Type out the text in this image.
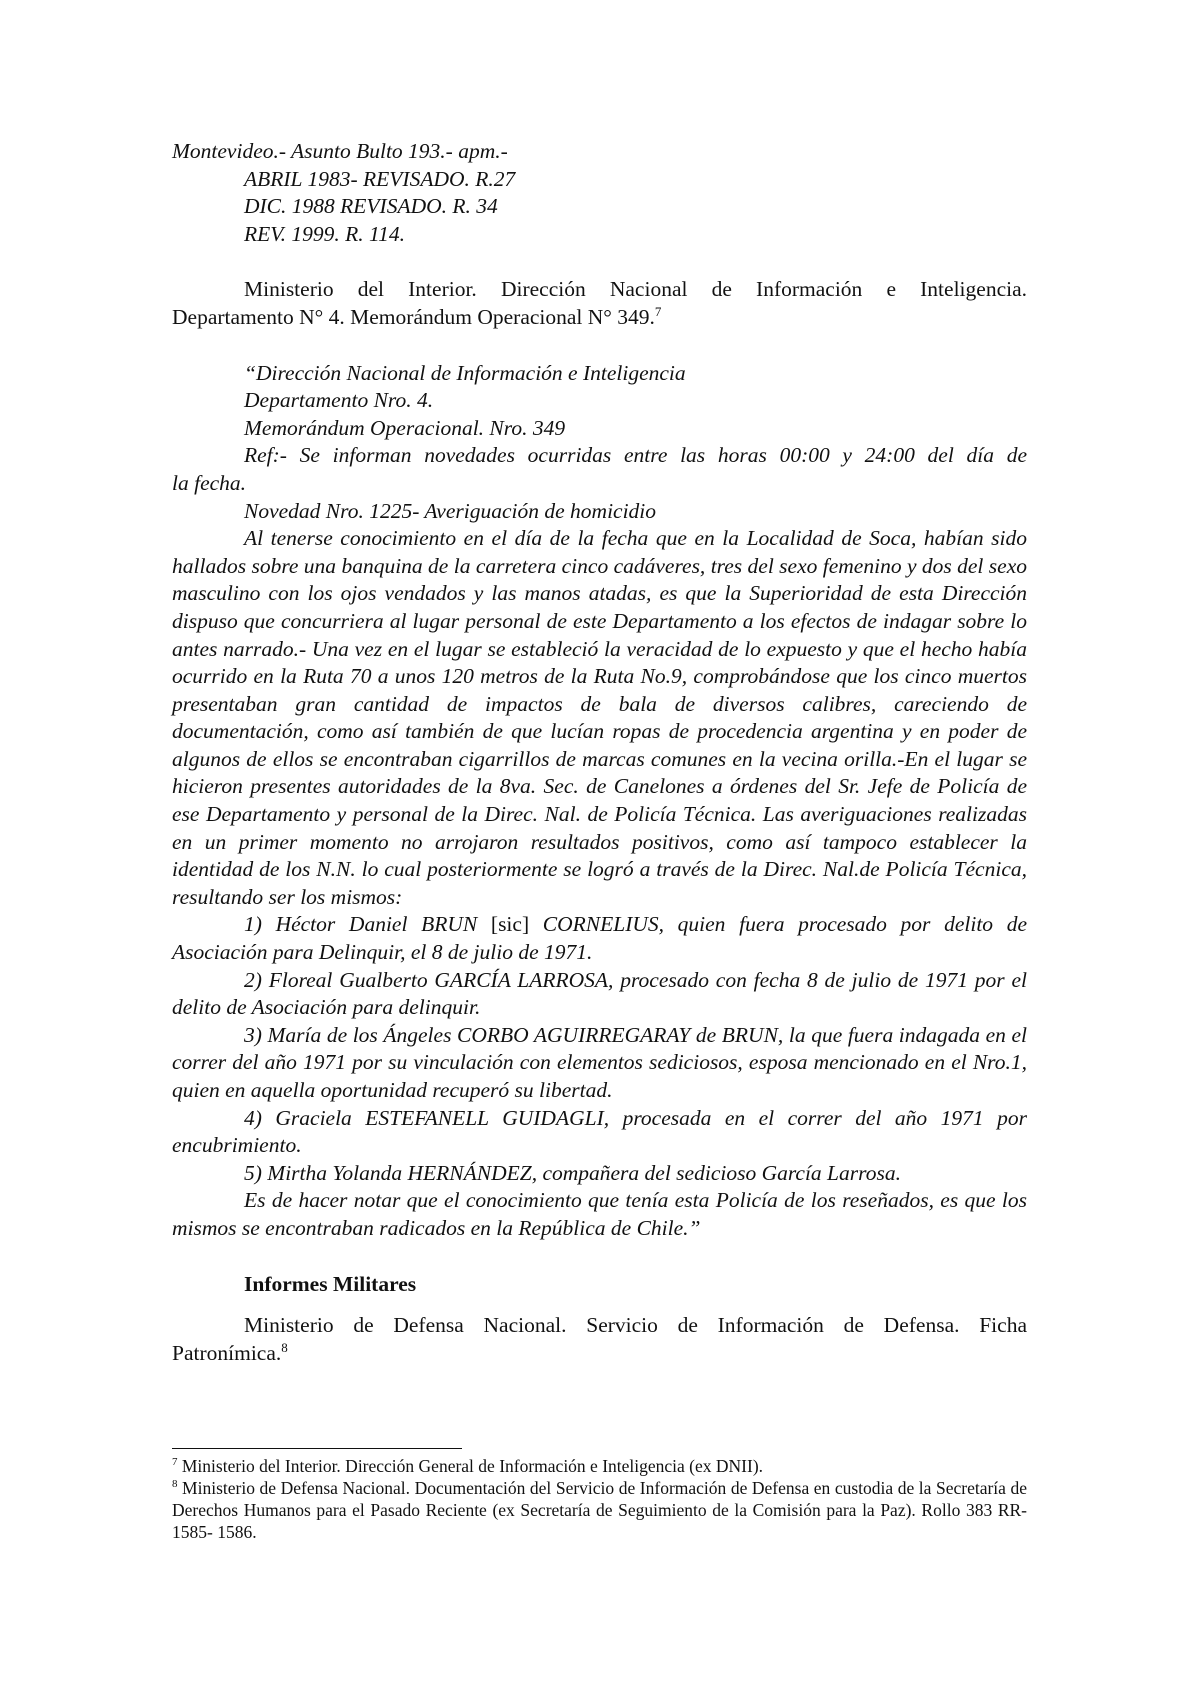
Montevideo.- Asunto Bulto 193.- apm.-

ABRIL 1983- REVISADO. R.27

DIC. 1988 REVISADO. R. 34

REV. 1999. R. 114.

Ministerio del Interior. Dirección Nacional de Información e Inteligencia.

Departamento N° 4. Memorándum Operacional N° 349.$^7$

“Dirección Nacional de Información e Inteligencia

Departamento Nro. 4.

Memorándum Operacional. Nro. 349

Ref:- Se informan novedades ocurridas entre las horas 00:00 y 24:00 del día de

la fecha.

Novedad Nro. 1225- Averiguación de homicidio

Al tenerse conocimiento en el día de la fecha que en la Localidad de Soca, habían sido hallados sobre una banquina de la carretera cinco cadáveres, tres del sexo femenino y dos del sexo masculino con los ojos vendados y las manos atadas, es que la Superioridad de esta Dirección dispuso que concurriera al lugar personal de este Departamento a los efectos de indagar sobre lo antes narrado.- Una vez en el lugar se estableció la veracidad de lo expuesto y que el hecho había ocurrido en la Ruta 70 a unos 120 metros de la Ruta No.9, comprobándose que los cinco muertos presentaban gran cantidad de impactos de bala de diversos calibres, careciendo de documentación, como así también de que lucían ropas de procedencia argentina y en poder de algunos de ellos se encontraban cigarrillos de marcas comunes en la vecina orilla.-En el lugar se hicieron presentes autoridades de la 8va. Sec. de Canelones a órdenes del Sr. Jefe de Policía de ese Departamento y personal de la Direc. Nal. de Policía Técnica. Las averiguaciones realizadas en un primer momento no arrojaron resultados positivos, como así tampoco establecer la identidad de los N.N. lo cual posteriormente se logró a través de la Direc. Nal.de Policía Técnica, resultando ser los mismos:

1) Héctor Daniel BRUN [sic] CORNELIUS, quien fuera procesado por delito de Asociación para Delinquir, el 8 de julio de 1971.

2) Floreal Gualberto GARCÍA LARROSA, procesado con fecha 8 de julio de 1971 por el delito de Asociación para delinquir.

3) María de los Ángeles CORBO AGUIRREGARAY de BRUN, la que fuera indagada en el correr del año 1971 por su vinculación con elementos sediciosos, esposa mencionado en el Nro.1, quien en aquella oportunidad recuperó su libertad.

4) Graciela ESTEFANELL GUIDAGLI, procesada en el correr del año 1971 por encubrimiento.

5) Mirtha Yolanda HERNÁNDEZ, compañera del sedicioso García Larrosa.

Es de hacer notar que el conocimiento que tenía esta Policía de los reseñados, es que los mismos se encontraban radicados en la República de Chile.”

Informes Militares

Ministerio de Defensa Nacional. Servicio de Información de Defensa. Ficha

Patronímica.$^8$

$^7$ Ministerio del Interior. Dirección General de Información e Inteligencia (ex DNII).

$^8$ Ministerio de Defensa Nacional. Documentación del Servicio de Información de Defensa en custodia de la Secretaría de Derechos Humanos para el Pasado Reciente (ex Secretaría de Seguimiento de la Comisión para la Paz). Rollo 383 RR- 1585- 1586.
